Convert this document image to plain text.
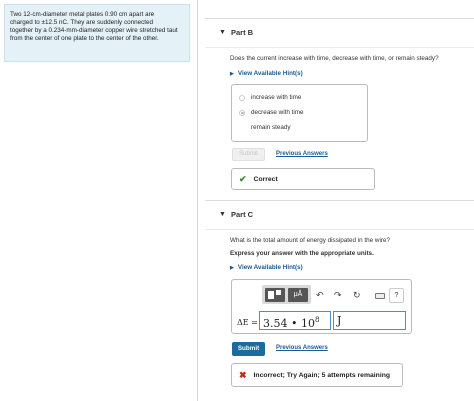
Two 12-cm-diameter metal plates 0.90 cm apart are
charged to ±12.5 nC. They are suddenly connected
together by a 0.234-mm-diameter copper wire stretched taut
from the center of one plate to the center of the other.
▼ Part B
Does the current increase with time, decrease with time, or remain steady?
▶ View Available Hint(s)
increase with time
decrease with time
remain steady
Submit	Previous Answers
✔ Correct
▼ Part C
What is the total amount of energy dissipated in the wire?
Express your answer with the appropriate units.
▶ View Available Hint(s)
μÅ	↶ ↷ ↻	?
ΔE = 3.54 • $10^8$	J
Submit	Previous Answers
✖ Incorrect; Try Again; 5 attempts remaining
